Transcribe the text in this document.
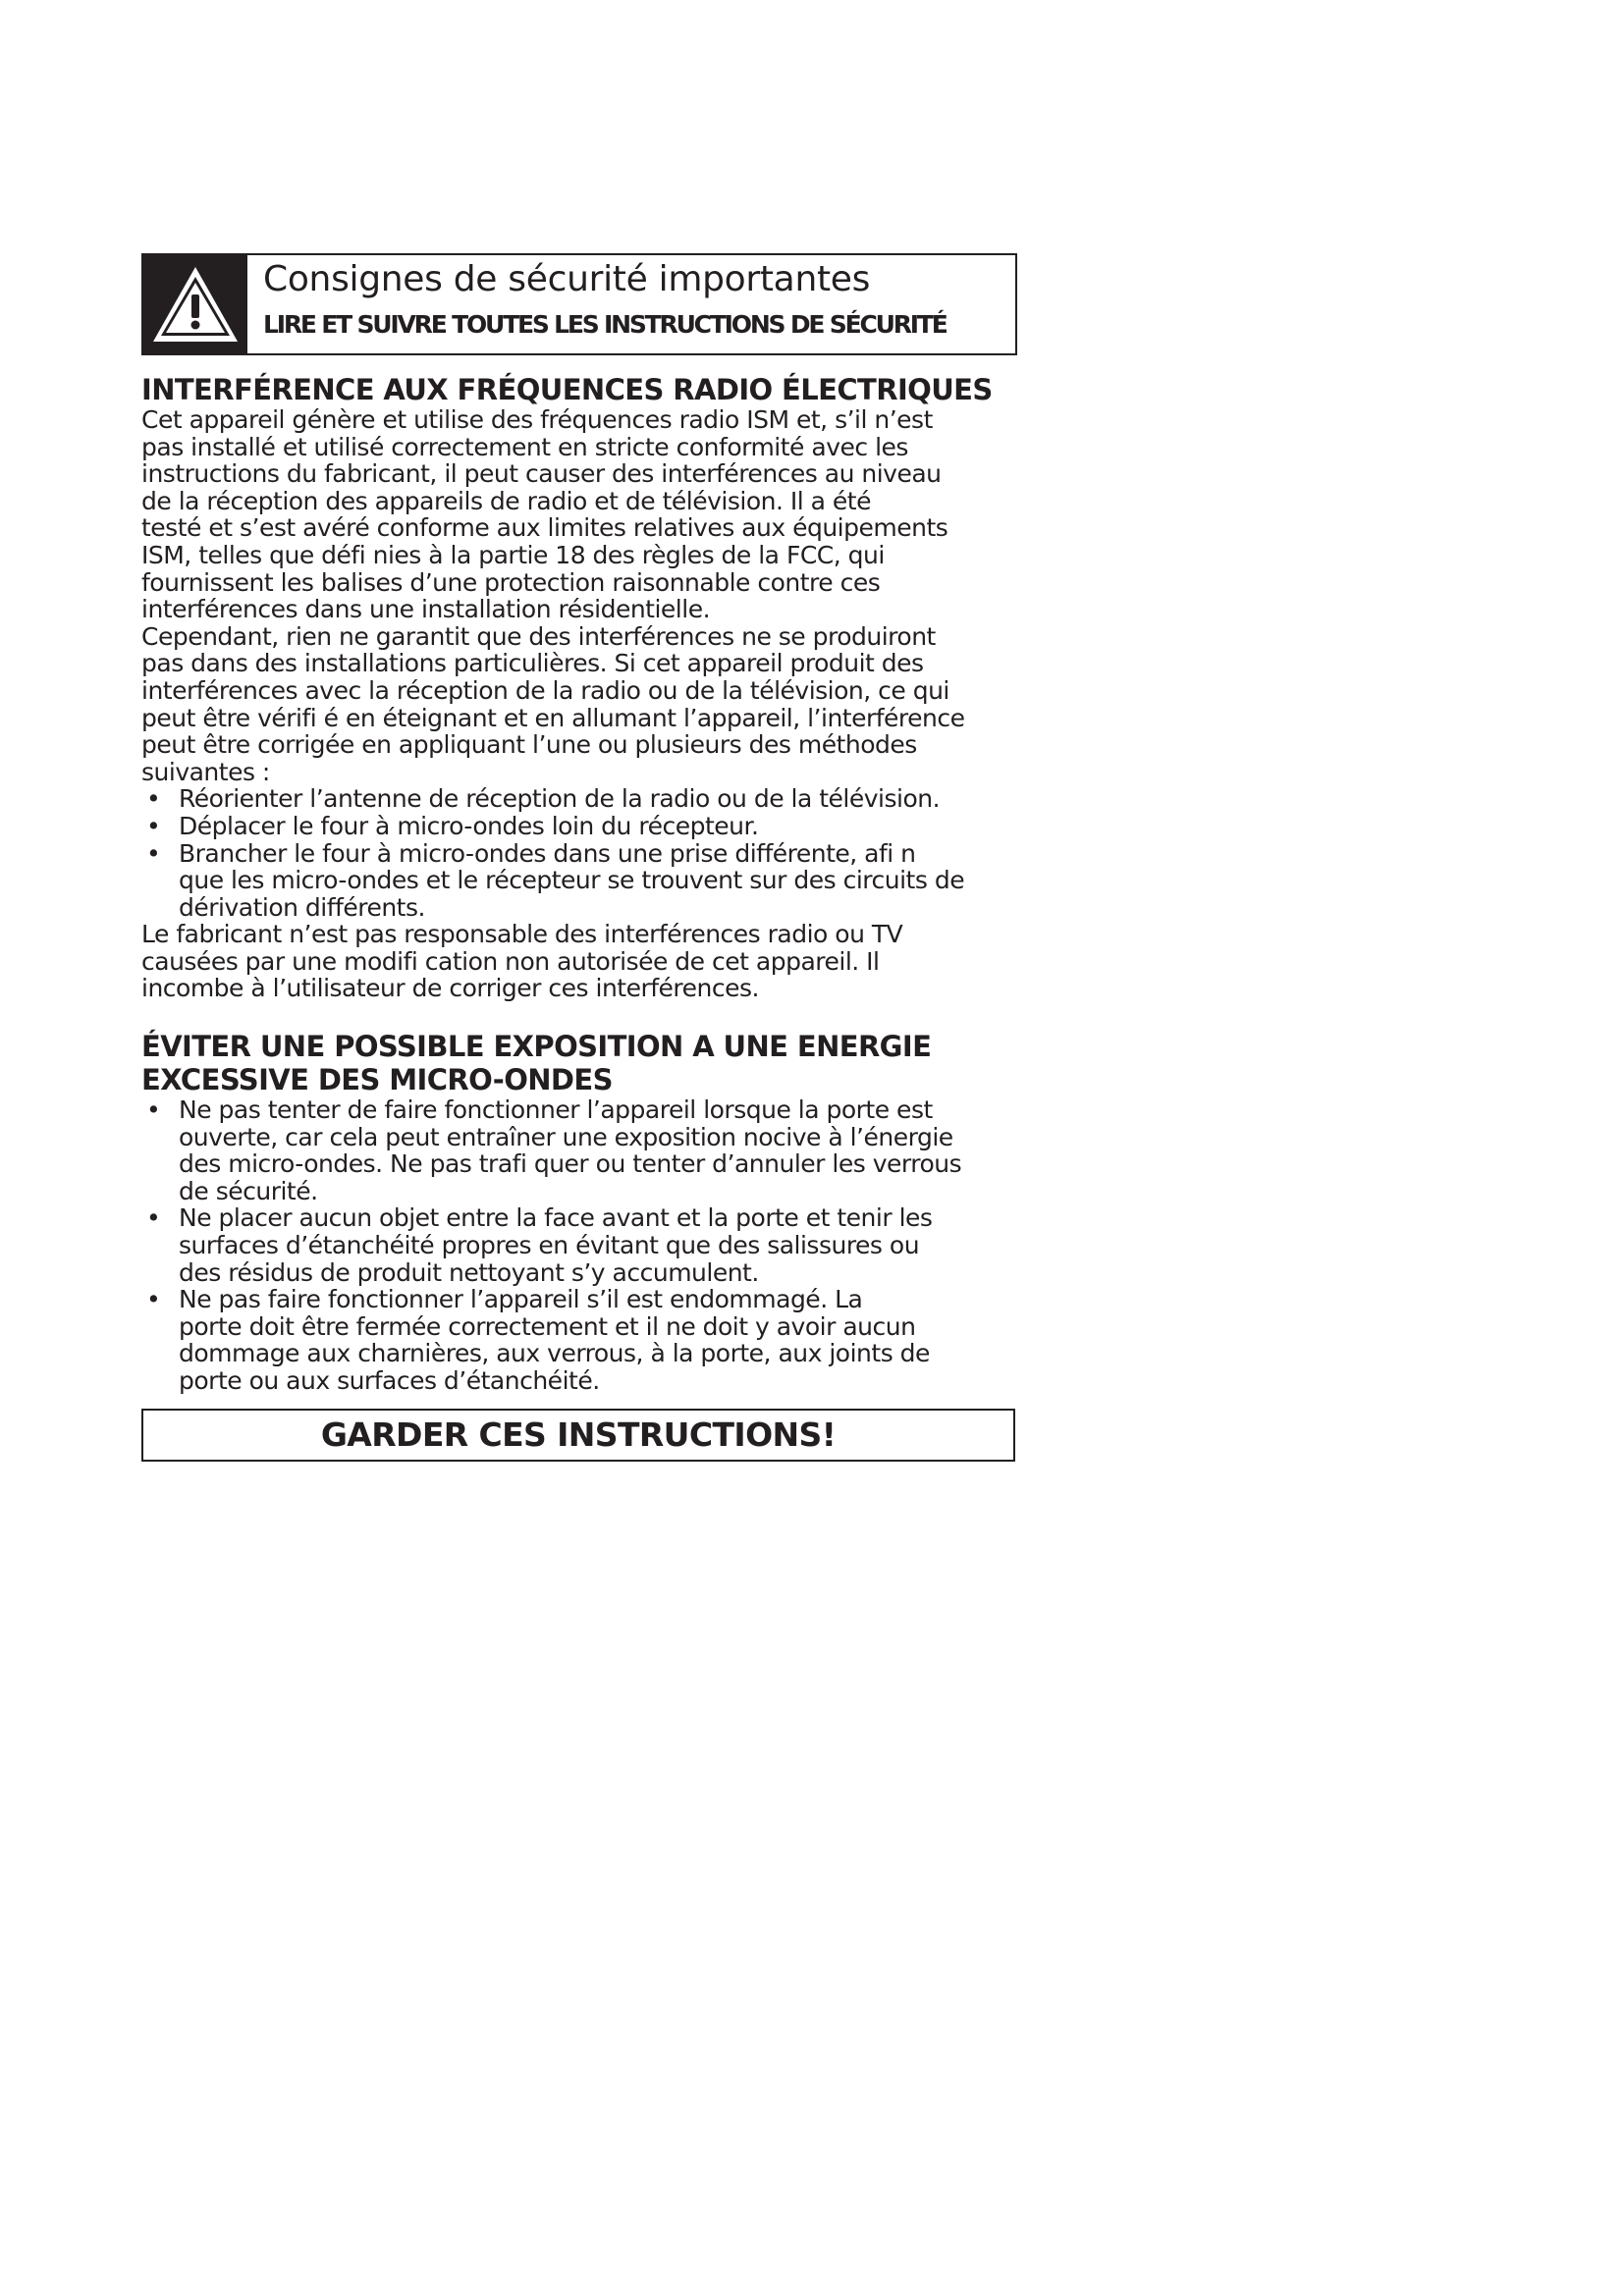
Consignes de sécurité importantes
LIRE ET SUIVRE TOUTES LES INSTRUCTIONS DE SÉCURITÉ
INTERFÉRENCE AUX FRÉQUENCES RADIO ÉLECTRIQUES

Cet appareil génère et utilise des fréquences radio ISM et, s’il n’est
pas installé et utilisé correctement en stricte conformité avec les
instructions du fabricant, il peut causer des interférences au niveau
de la réception des appareils de radio et de télévision. Il a été
testé et s’est avéré conforme aux limites relatives aux équipements
ISM, telles que défi nies à la partie 18 des règles de la FCC, qui
fournissent les balises d’une protection raisonnable contre ces
interférences dans une installation résidentielle.

Cependant, rien ne garantit que des interférences ne se produiront
pas dans des installations particulières. Si cet appareil produit des
interférences avec la réception de la radio ou de la télévision, ce qui
peut être vérifi é en éteignant et en allumant l’appareil, l’interférence
peut être corrigée en appliquant l’une ou plusieurs des méthodes
suivantes :

• Réorienter l’antenne de réception de la radio ou de la télévision.
• Déplacer le four à micro-ondes loin du récepteur.
• Brancher le four à micro-ondes dans une prise différente, afi n
que les micro-ondes et le récepteur se trouvent sur des circuits de
dérivation différents.

Le fabricant n’est pas responsable des interférences radio ou TV
causées par une modifi cation non autorisée de cet appareil. Il
incombe à l’utilisateur de corriger ces interférences.

ÉVITER UNE POSSIBLE EXPOSITION A UNE ENERGIE
EXCESSIVE DES MICRO-ONDES
• Ne pas tenter de faire fonctionner l’appareil lorsque la porte est
ouverte, car cela peut entraîner une exposition nocive à l’énergie
des micro-ondes. Ne pas trafi quer ou tenter d’annuler les verrous
de sécurité.
• Ne placer aucun objet entre la face avant et la porte et tenir les
surfaces d’étanchéité propres en évitant que des salissures ou
des résidus de produit nettoyant s’y accumulent.
• Ne pas faire fonctionner l’appareil s’il est endommagé. La
porte doit être fermée correctement et il ne doit y avoir aucun
dommage aux charnières, aux verrous, à la porte, aux joints de
porte ou aux surfaces d’étanchéité.
GARDER CES INSTRUCTIONS!
